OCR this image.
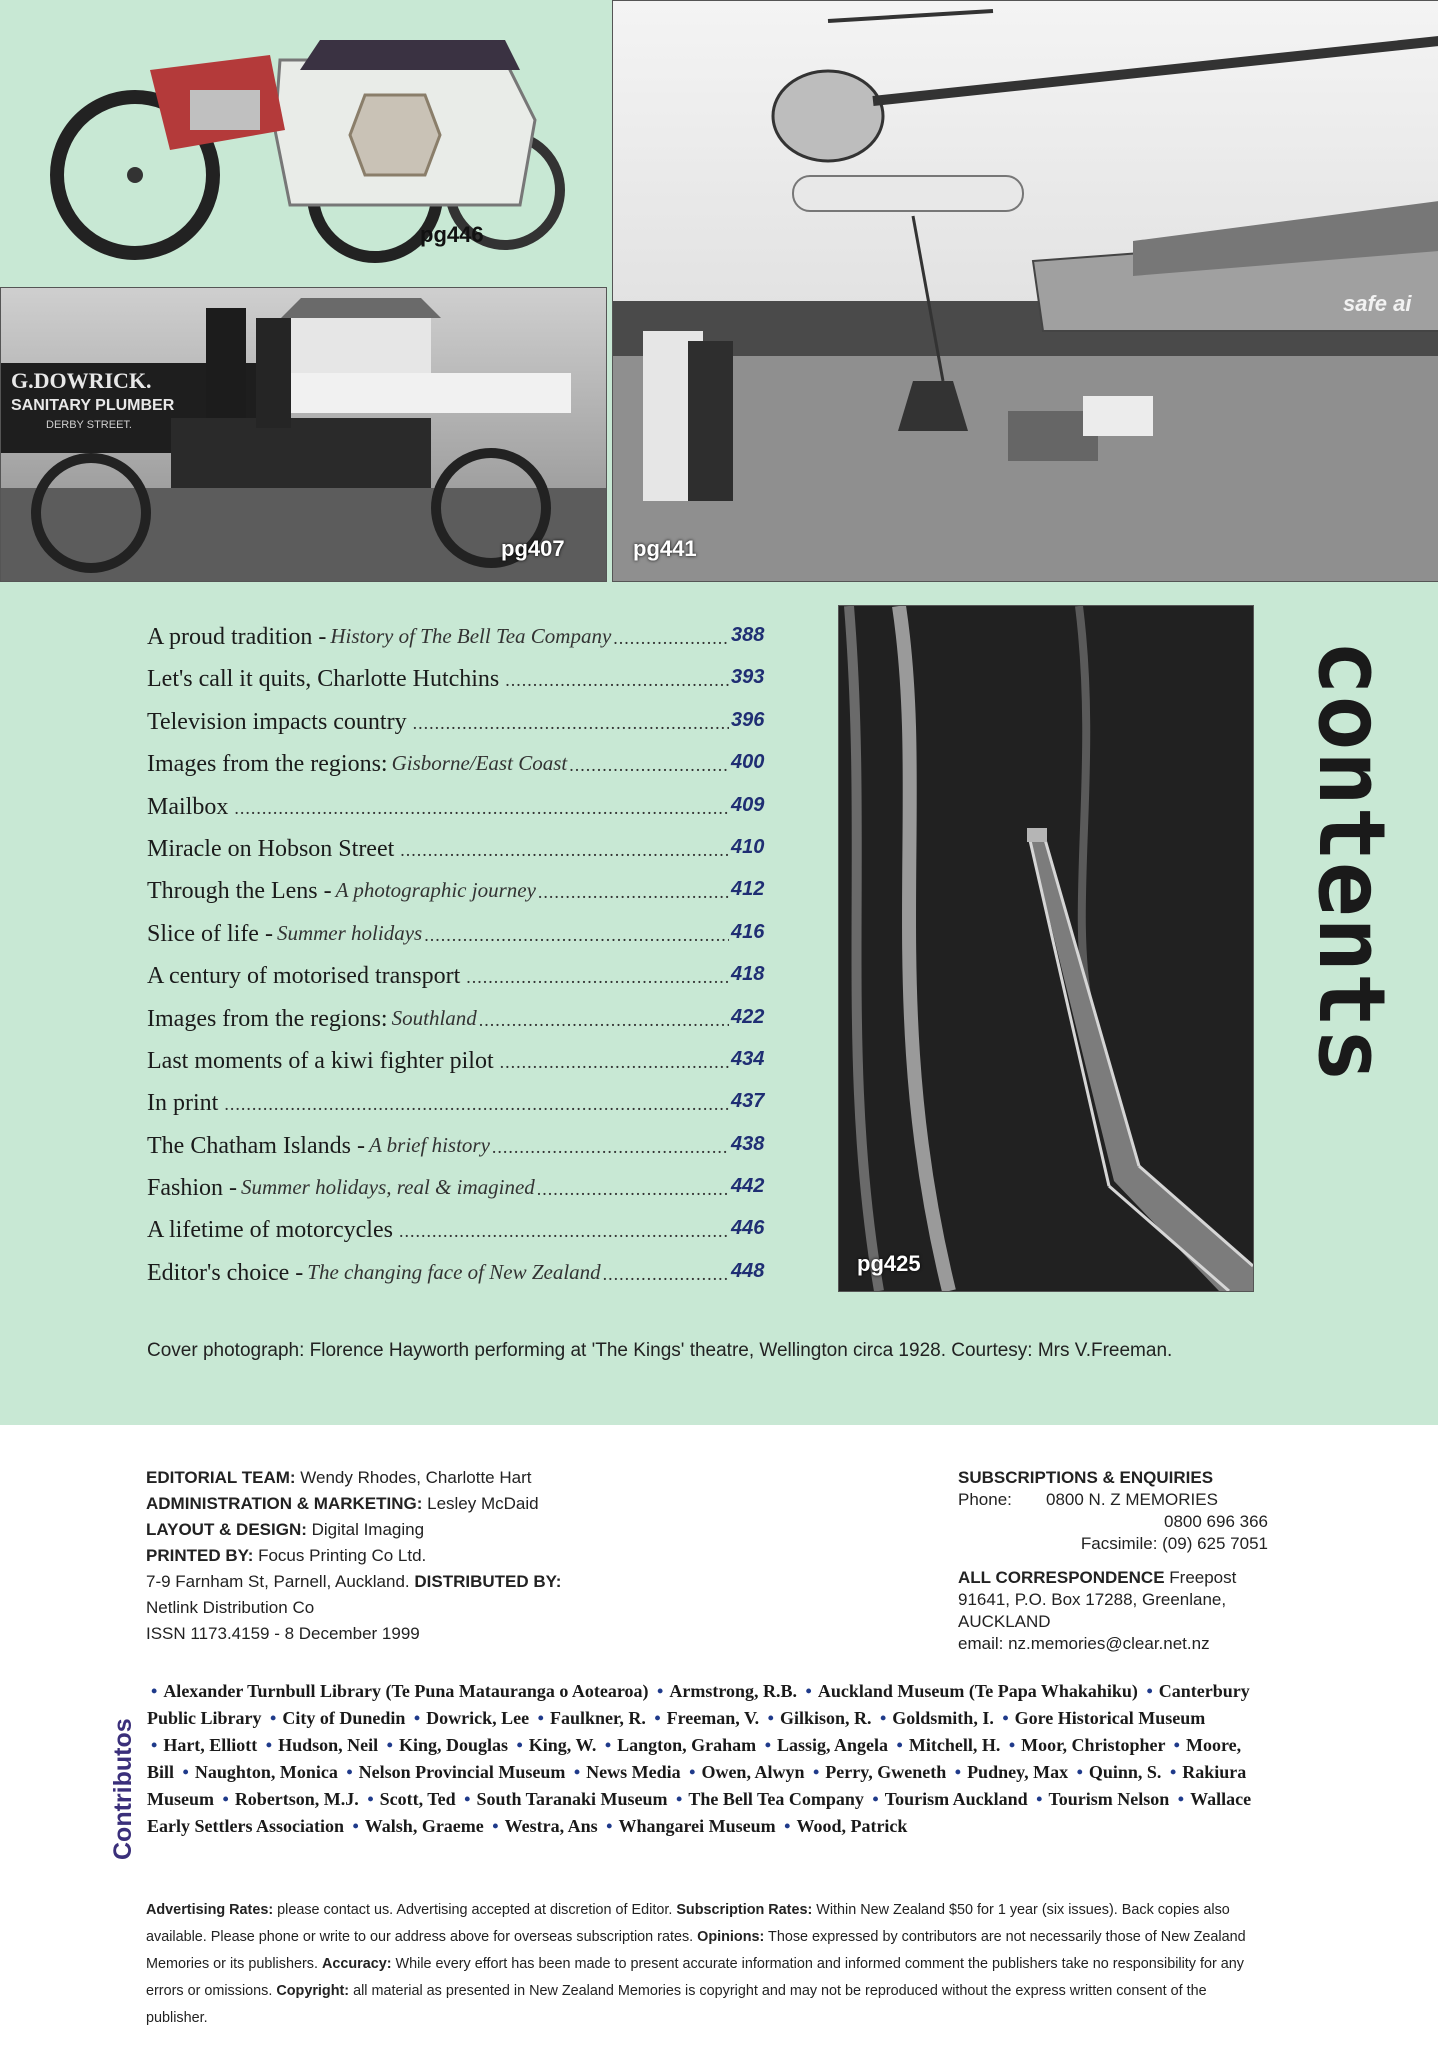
pg446
G.DOWRICK.
SANITARY PLUMBER
DERBY STREET.
pg407
safe ai
pg441
pg425
contents
A proud tradition - History of The Bell Tea Company .....	388
Let's call it quits, Charlotte Hutchins .....	393
Television impacts country .....	396
Images from the regions: Gisborne/East Coast .....	400
Mailbox .....	409
Miracle on Hobson Street .....	410
Through the Lens - A photographic journey .....	412
Slice of life - Summer holidays .....	416
A century of motorised transport .....	418
Images from the regions: Southland .....	422
Last moments of a kiwi fighter pilot .....	434
In print .....	437
The Chatham Islands - A brief history .....	438
Fashion - Summer holidays, real & imagined .....	442
A lifetime of motorcycles .....	446
Editor's choice - The changing face of New Zealand .....	448
Cover photograph: Florence Hayworth performing at 'The Kings' theatre, Wellington circa 1928. Courtesy: Mrs V.Freeman.
EDITORIAL TEAM: Wendy Rhodes, Charlotte Hart
ADMINISTRATION & MARKETING: Lesley McDaid
LAYOUT & DESIGN: Digital Imaging
PRINTED BY: Focus Printing Co Ltd.
7-9 Farnham St, Parnell, Auckland. DISTRIBUTED BY: Netlink Distribution Co
ISSN 1173.4159 - 8 December 1999
SUBSCRIPTIONS & ENQUIRIES
Phone:	0800 N. Z MEMORIES
0800 696 366
Facsimile: (09) 625 7051
ALL CORRESPONDENCE Freepost 91641, P.O. Box 17288, Greenlane, AUCKLAND
email: nz.memories@clear.net.nz
Contributos
• Alexander Turnbull Library (Te Puna Matauranga o Aotearoa) • Armstrong, R.B. • Auckland Museum (Te Papa Whakahiku) • Canterbury Public Library • City of Dunedin • Dowrick, Lee • Faulkner, R. • Freeman, V. • Gilkison, R. • Goldsmith, I. • Gore Historical Museum • Hart, Elliott • Hudson, Neil • King, Douglas • King, W. • Langton, Graham • Lassig, Angela • Mitchell, H. • Moor, Christopher • Moore, Bill • Naughton, Monica • Nelson Provincial Museum • News Media • Owen, Alwyn • Perry, Gweneth • Pudney, Max • Quinn, S. • Rakiura Museum • Robertson, M.J. • Scott, Ted • South Taranaki Museum • The Bell Tea Company • Tourism Auckland • Tourism Nelson • Wallace Early Settlers Association • Walsh, Graeme • Westra, Ans • Whangarei Museum • Wood, Patrick
Advertising Rates: please contact us. Advertising accepted at discretion of Editor. Subscription Rates: Within New Zealand $50 for 1 year (six issues). Back copies also available. Please phone or write to our address above for overseas subscription rates. Opinions: Those expressed by contributors are not necessarily those of New Zealand Memories or its publishers. Accuracy: While every effort has been made to present accurate information and informed comment the publishers take no responsibility for any errors or omissions. Copyright: all material as presented in New Zealand Memories is copyright and may not be reproduced without the express written consent of the publisher.
